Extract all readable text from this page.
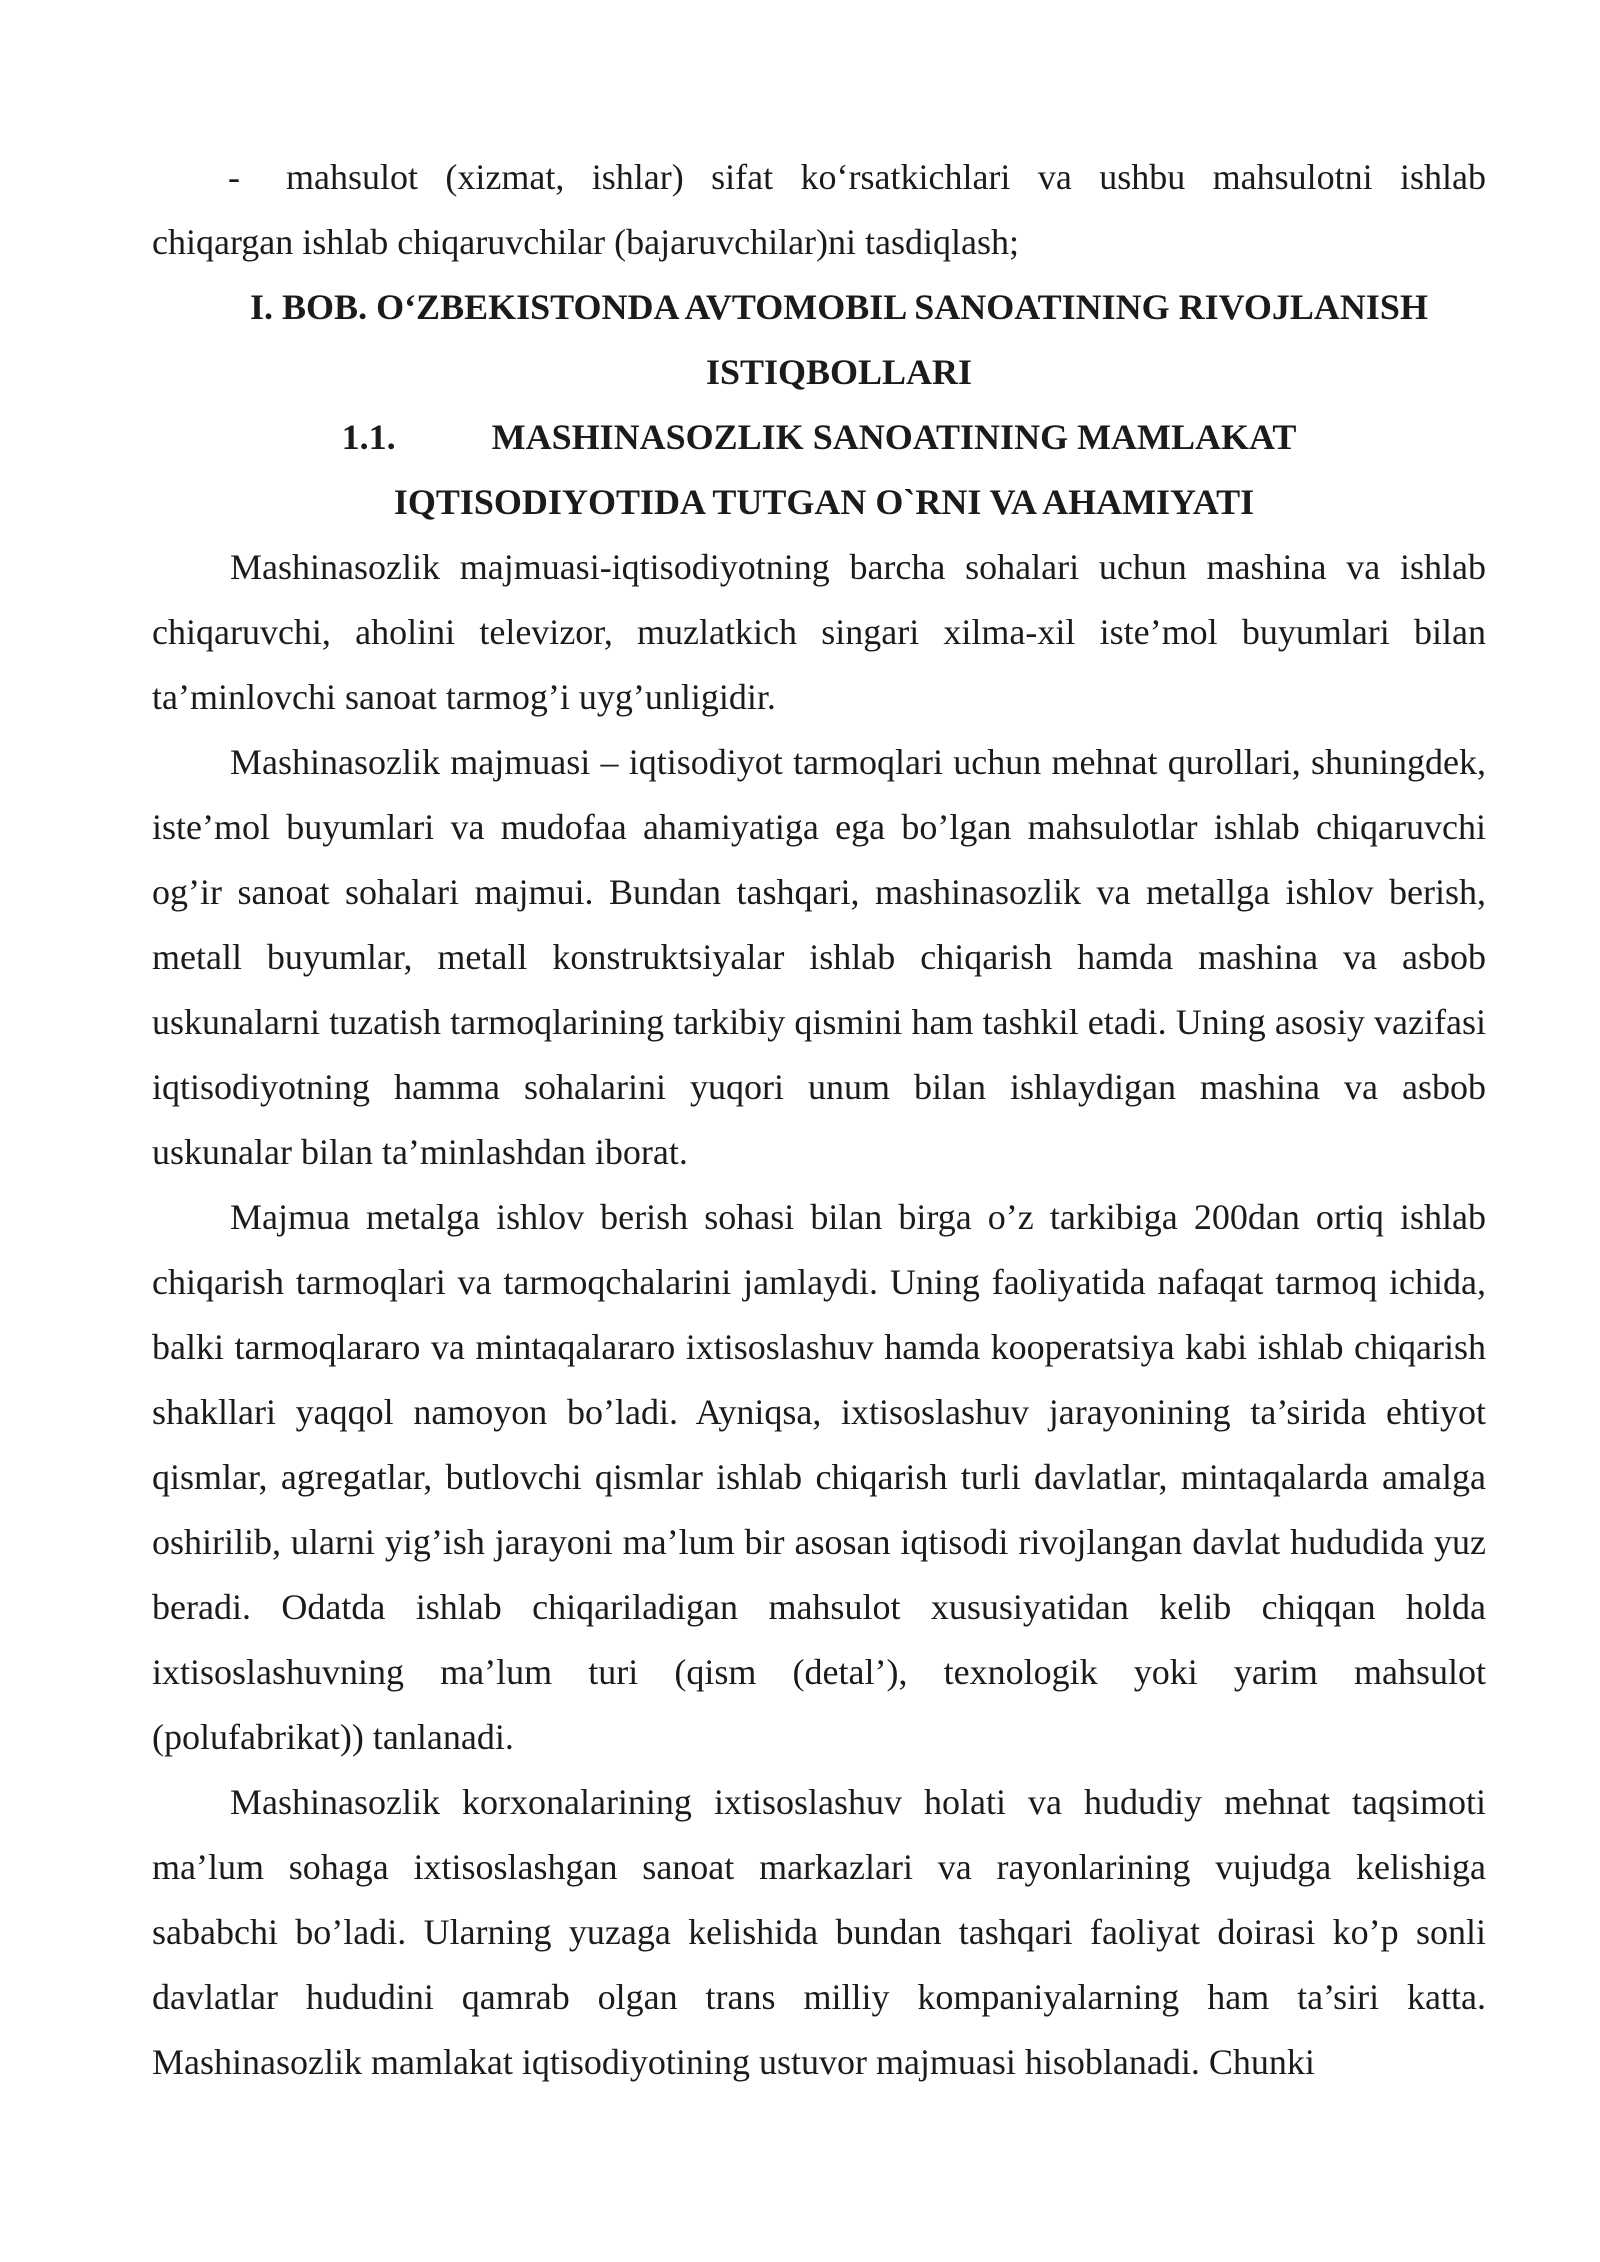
-	mahsulot (xizmat, ishlar) sifat koʻrsatkichlari va ushbu mahsulotni ishlab

chiqargan ishlab chiqaruvchilar (bajaruvchilar)ni tasdiqlash;

I. BOB. OʻZBEKISTONDA AVTOMOBIL SANOATINING RIVOJLANISH
ISTIQBOLLARI
1.1.	MASHINASOZLIK SANOATINING MAMLAKAT
IQTISODIYOTIDA TUTGAN O`RNI VA AHAMIYATI

Mashinasozlik majmuasi-iqtisodiyotning barcha sohalari uchun mashina va ishlab chiqaruvchi, aholini televizor, muzlatkich singari xilma-xil iste’mol buyumlari bilan ta’minlovchi sanoat tarmog’i uyg’unligidir.

Mashinasozlik majmuasi – iqtisodiyot tarmoqlari uchun mehnat qurollari, shuningdek, iste’mol buyumlari va mudofaa ahamiyatiga ega bo’lgan mahsulotlar ishlab chiqaruvchi og’ir sanoat sohalari majmui. Bundan tashqari, mashinasozlik va metallga ishlov berish, metall buyumlar, metall konstruktsiyalar ishlab chiqarish hamda mashina va asbob uskunalarni tuzatish tarmoqlarining tarkibiy qismini ham tashkil etadi. Uning asosiy vazifasi iqtisodiyotning hamma sohalarini yuqori unum bilan ishlaydigan mashina va asbob uskunalar bilan ta’minlashdan iborat.

Majmua metalga ishlov berish sohasi bilan birga o’z tarkibiga 200dan ortiq ishlab chiqarish tarmoqlari va tarmoqchalarini jamlaydi. Uning faoliyatida nafaqat tarmoq ichida, balki tarmoqlararo va mintaqalararo ixtisoslashuv hamda kooperatsiya kabi ishlab chiqarish shakllari yaqqol namoyon bo’ladi. Ayniqsa, ixtisoslashuv jarayonining ta’sirida ehtiyot qismlar, agregatlar, butlovchi qismlar ishlab chiqarish turli davlatlar, mintaqalarda amalga oshirilib, ularni yig’ish jarayoni ma’lum bir asosan iqtisodi rivojlangan davlat hududida yuz beradi. Odatda ishlab chiqariladigan mahsulot xususiyatidan kelib chiqqan holda ixtisoslashuvning ma’lum turi (qism (detal’), texnologik yoki yarim mahsulot (polufabrikat)) tanlanadi.

Mashinasozlik korxonalarining ixtisoslashuv holati va hududiy mehnat taqsimoti ma’lum sohaga ixtisoslashgan sanoat markazlari va rayonlarining vujudga kelishiga sababchi bo’ladi. Ularning yuzaga kelishida bundan tashqari faoliyat doirasi ko’p sonli davlatlar hududini qamrab olgan trans milliy kompaniyalarning ham ta’siri katta. Mashinasozlik mamlakat iqtisodiyotining ustuvor majmuasi hisoblanadi. Chunki
